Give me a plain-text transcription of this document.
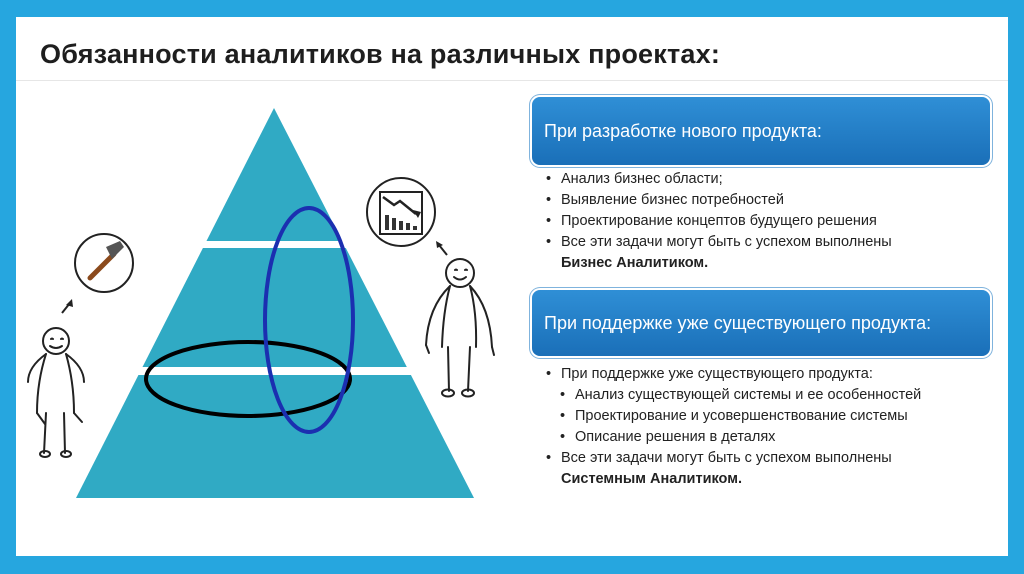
Обязанности аналитиков на различных проектах:
При разработке нового продукта:
• Анализ бизнес области;
• Выявление бизнес потребностей
• Проектирование концептов будущего решения
• Все эти задачи могут быть с успехом выполнены
Бизнес Аналитиком.
При поддержке уже существующего продукта:
• При поддержке уже существующего продукта:
• Анализ существующей системы и ее особенностей
• Проектирование и усовершенствование системы
• Описание решения в деталях
• Все эти задачи могут быть с успехом выполнены
Системным Аналитиком.
